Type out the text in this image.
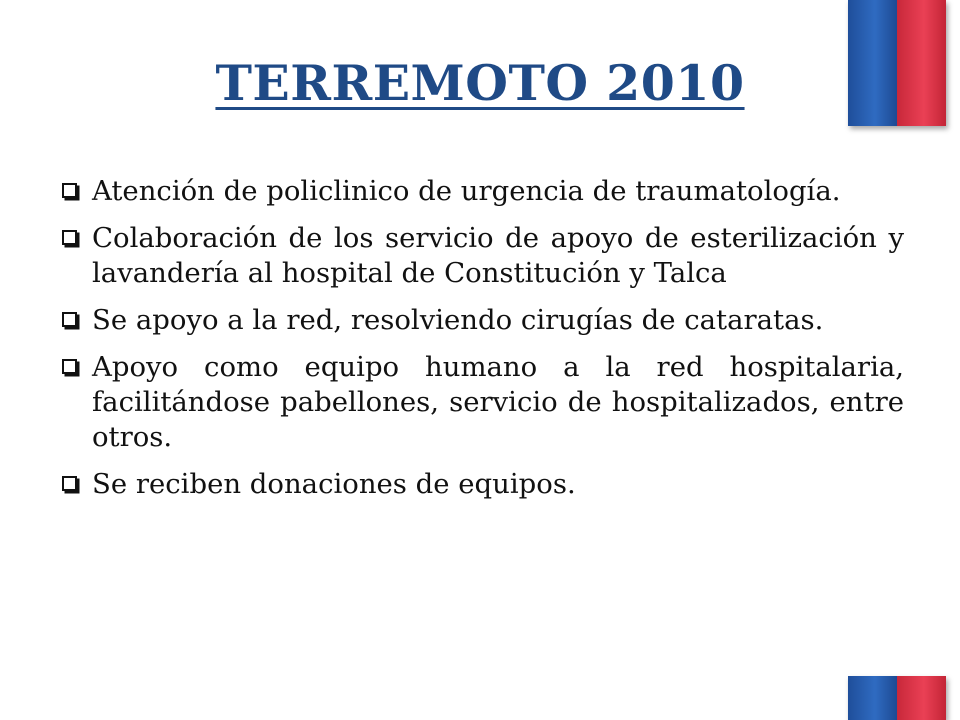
TERREMOTO 2010
Atención de policlinico de urgencia de traumatología.
Colaboración de los servicio de apoyo de esterilización y lavandería al hospital de Constitución y Talca
Se apoyo a la red, resolviendo cirugías de cataratas.
Apoyo como equipo humano a la red hospitalaria, facilitándose pabellones, servicio de hospitalizados, entre otros.
Se reciben donaciones de equipos.
